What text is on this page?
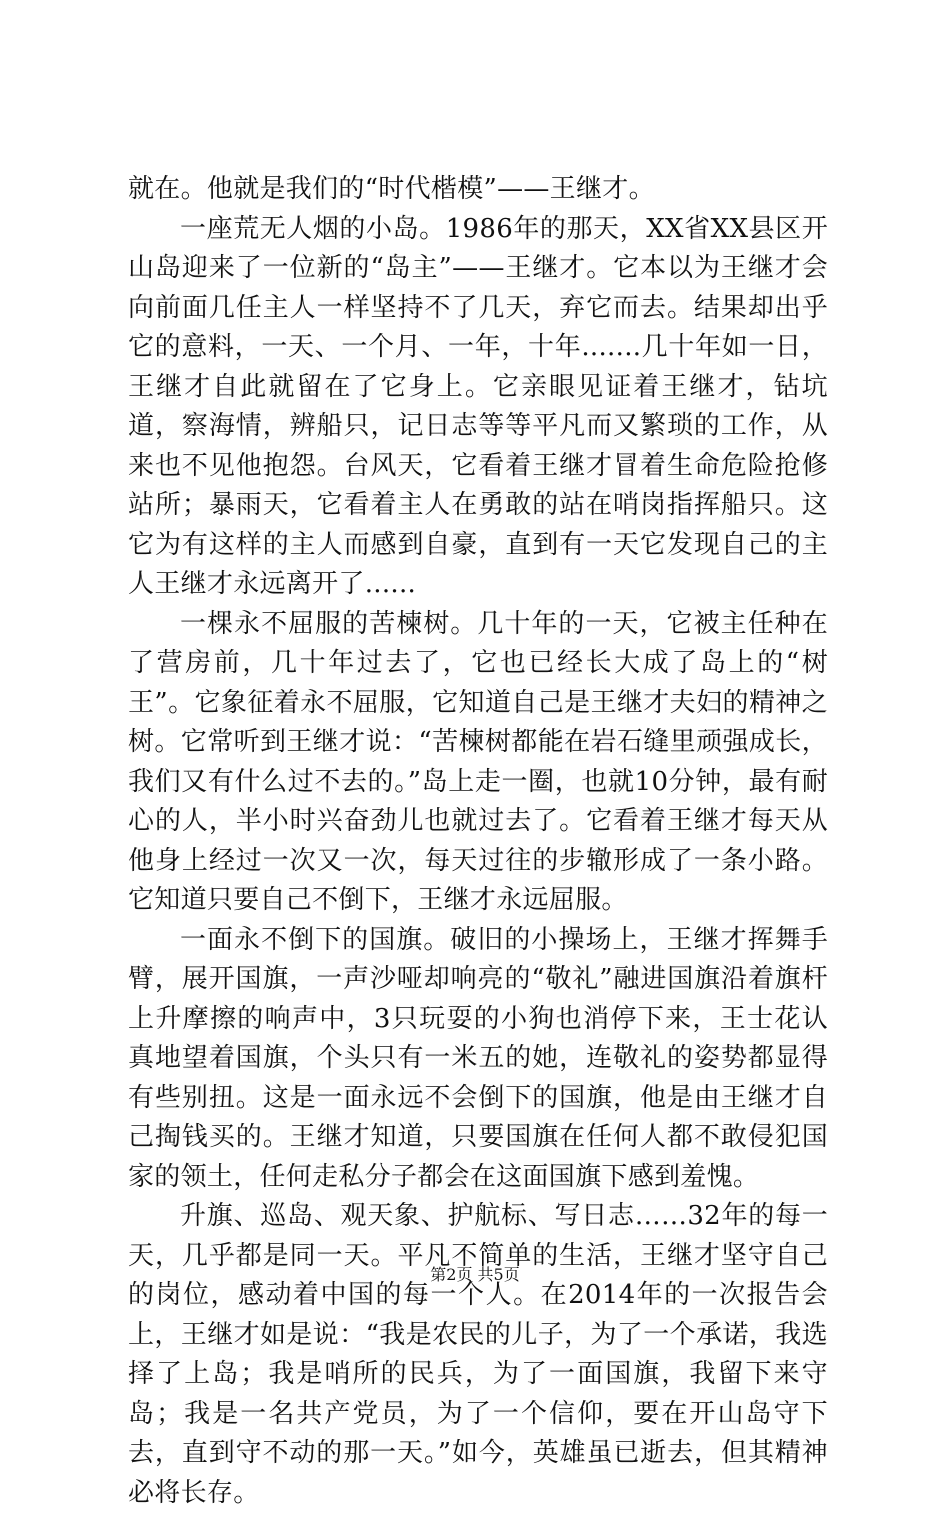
就在。他就是我们的“时代楷模”——王继才。

一座荒无人烟的小岛。1986年的那天，XX省XX县区开山岛迎来了一位新的“岛主”——王继才。它本以为王继才会向前面几任主人一样坚持不了几天，弃它而去。结果却出乎它的意料，一天、一个月、一年，十年.......几十年如一日，王继才自此就留在了它身上。它亲眼见证着王继才，钻坑道，察海情，辨船只，记日志等等平凡而又繁琐的工作，从来也不见他抱怨。台风天，它看着王继才冒着生命危险抢修站所；暴雨天，它看着主人在勇敢的站在哨岗指挥船只。这它为有这样的主人而感到自豪，直到有一天它发现自己的主人王继才永远离开了......

一棵永不屈服的苦楝树。几十年的一天，它被主任种在了营房前，几十年过去了，它也已经长大成了岛上的“树王”。它象征着永不屈服，它知道自己是王继才夫妇的精神之树。它常听到王继才说：“苦楝树都能在岩石缝里顽强成长，我们又有什么过不去的。”岛上走一圈，也就10分钟，最有耐心的人，半小时兴奋劲儿也就过去了。它看着王继才每天从他身上经过一次又一次，每天过往的步辙形成了一条小路。它知道只要自己不倒下，王继才永远屈服。

一面永不倒下的国旗。破旧的小操场上，王继才挥舞手臂，展开国旗，一声沙哑却响亮的“敬礼”融进国旗沿着旗杆上升摩擦的响声中，3只玩耍的小狗也消停下来，王士花认真地望着国旗，个头只有一米五的她，连敬礼的姿势都显得有些别扭。这是一面永远不会倒下的国旗，他是由王继才自己掏钱买的。王继才知道，只要国旗在任何人都不敢侵犯国家的领土，任何走私分子都会在这面国旗下感到羞愧。

升旗、巡岛、观天象、护航标、写日志……32年的每一天，几乎都是同一天。平凡不简单的生活，王继才坚守自己的岗位，感动着中国的每一个人。在2014年的一次报告会上，王继才如是说：“我是农民的儿子，为了一个承诺，我选择了上岛；我是哨所的民兵，为了一面国旗，我留下来守岛；我是一名共产党员，为了一个信仰，要在开山岛守下去，直到守不动的那一天。”如今，英雄虽已逝去，但其精神必将长存。

第2页 共5页
